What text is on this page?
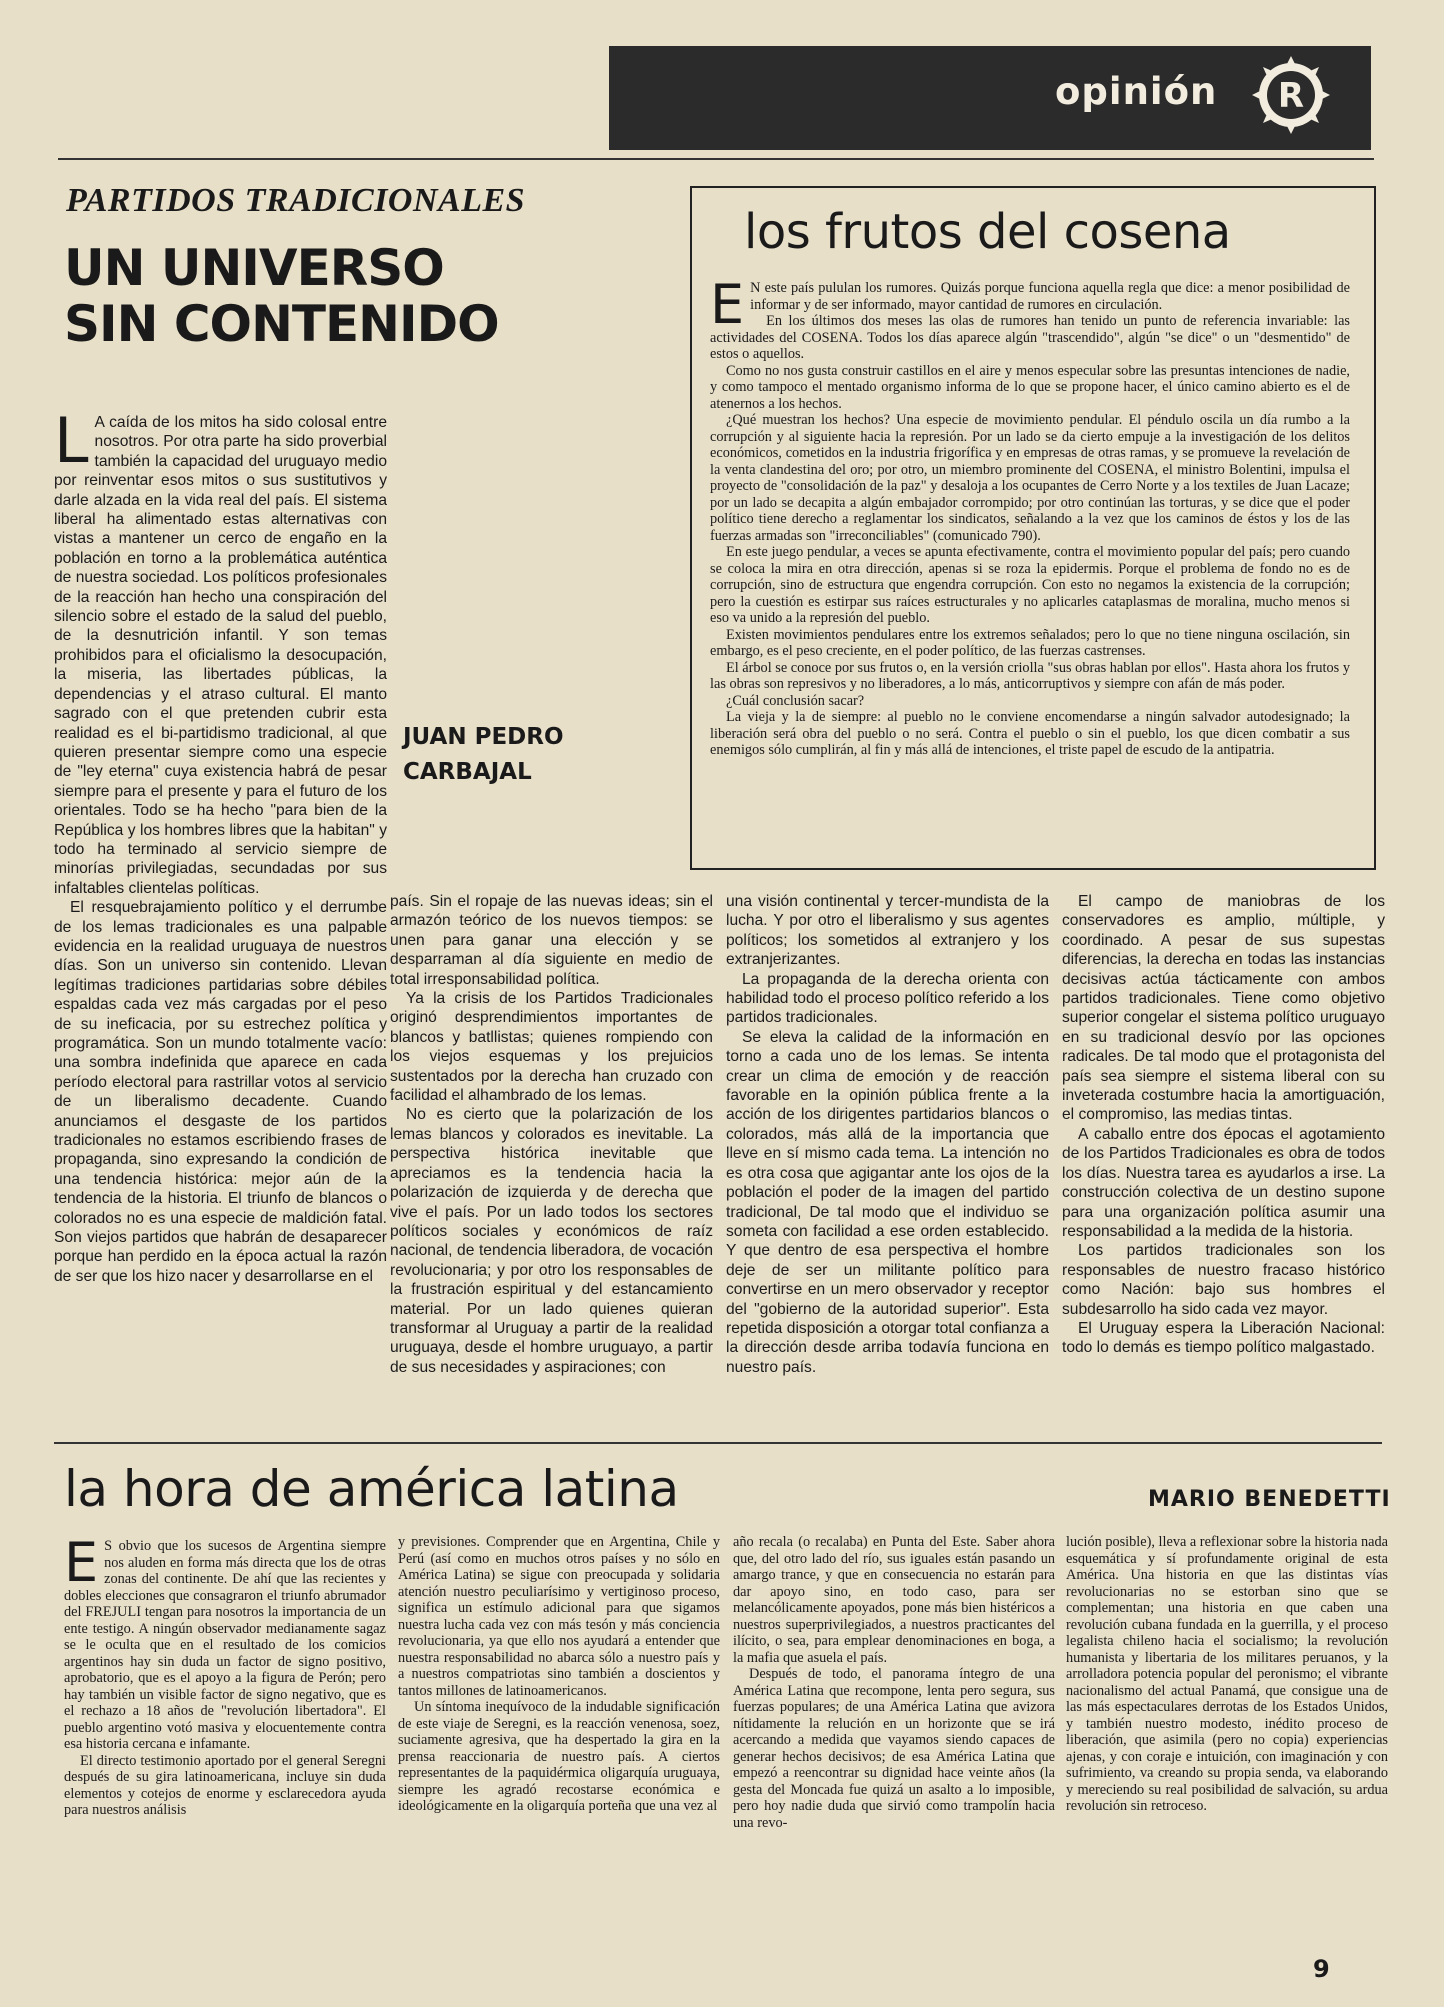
opinión R
PARTIDOS TRADICIONALES
UN UNIVERSO
SIN CONTENIDO
JUAN PEDRO
CARBAJAL
L A caída de los mitos ha sido colosal entre nosotros. Por otra parte ha sido proverbial también la capacidad del uruguayo medio por reinventar esos mitos o sus sustitutivos y darle alzada en la vida real del país. El sistema liberal ha alimentado estas alternativas con vistas a mantener un cerco de engaño en la población en torno a la problemática auténtica de nuestra sociedad. Los políticos profesionales de la reacción han hecho una conspiración del silencio sobre el estado de la salud del pueblo, de la desnutrición infantil. Y son temas prohibidos para el oficialismo la desocupación, la miseria, las libertades públicas, la dependencias y el atraso cultural. El manto sagrado con el que pretenden cubrir esta realidad es el bi-partidismo tradicional, al que quieren presentar siempre como una especie de "ley eterna" cuya existencia habrá de pesar siempre para el presente y para el futuro de los orientales. Todo se ha hecho "para bien de la República y los hombres libres que la habitan" y todo ha terminado al servicio siempre de minorías privilegiadas, secundadas por sus infaltables clientelas políticas.

El resquebrajamiento político y el derrumbe de los lemas tradicionales es una palpable evidencia en la realidad uruguaya de nuestros días. Son un universo sin contenido. Llevan legítimas tradiciones partidarias sobre débiles espaldas cada vez más cargadas por el peso de su ineficacia, por su estrechez política y programática. Son un mundo totalmente vacío: una sombra indefinida que aparece en cada período electoral para rastrillar votos al servicio de un liberalismo decadente. Cuando anunciamos el desgaste de los partidos tradicionales no estamos escribiendo frases de propaganda, sino expresando la condición de una tendencia histórica: mejor aún de la tendencia de la historia. El triunfo de blancos o colorados no es una especie de maldición fatal. Son viejos partidos que habrán de desaparecer porque han perdido en la época actual la razón de ser que los hizo nacer y desarrollarse en el

país. Sin el ropaje de las nuevas ideas; sin el armazón teórico de los nuevos tiempos: se unen para ganar una elección y se desparraman al día siguiente en medio de total irresponsabilidad política.

Ya la crisis de los Partidos Tradicionales originó desprendimientos importantes de blancos y batllistas; quienes rompiendo con los viejos esquemas y los prejuicios sustentados por la derecha han cruzado con facilidad el alhambrado de los lemas.

No es cierto que la polarización de los lemas blancos y colorados es inevitable. La perspectiva histórica inevitable que apreciamos es la tendencia hacia la polarización de izquierda y de derecha que vive el país. Por un lado todos los sectores políticos sociales y económicos de raíz nacional, de tendencia liberadora, de vocación revolucionaria; y por otro los responsables de la frustración espiritual y del estancamiento material. Por un lado quienes quieran transformar al Uruguay a partir de la realidad uruguaya, desde el hombre uruguayo, a partir de sus necesidades y aspiraciones; con

una visión continental y tercer-mundista de la lucha. Y por otro el liberalismo y sus agentes políticos; los sometidos al extranjero y los extranjerizantes.

La propaganda de la derecha orienta con habilidad todo el proceso político referido a los partidos tradicionales.

Se eleva la calidad de la información en torno a cada uno de los lemas. Se intenta crear un clima de emoción y de reacción favorable en la opinión pública frente a la acción de los dirigentes partidarios blancos o colorados, más allá de la importancia que lleve en sí mismo cada tema. La intención no es otra cosa que agigantar ante los ojos de la población el poder de la imagen del partido tradicional, De tal modo que el individuo se someta con facilidad a ese orden establecido. Y que dentro de esa perspectiva el hombre deje de ser un militante político para convertirse en un mero observador y receptor del "gobierno de la autoridad superior". Esta repetida disposición a otorgar total confianza a la dirección desde arriba todavía funciona en nuestro país.

El campo de maniobras de los conservadores es amplio, múltiple, y coordinado. A pesar de sus supestas diferencias, la derecha en todas las instancias decisivas actúa tácticamente con ambos partidos tradicionales. Tiene como objetivo superior congelar el sistema político uruguayo en su tradicional desvío por las opciones radicales. De tal modo que el protagonista del país sea siempre el sistema liberal con su inveterada costumbre hacia la amortiguación, el compromiso, las medias tintas.

A caballo entre dos épocas el agotamiento de los Partidos Tradicionales es obra de todos los días. Nuestra tarea es ayudarlos a irse. La construcción colectiva de un destino supone para una organización política asumir una responsabilidad a la medida de la historia.

Los partidos tradicionales son los responsables de nuestro fracaso histórico como Nación: bajo sus hombres el subdesarrollo ha sido cada vez mayor.

El Uruguay espera la Liberación Nacional: todo lo demás es tiempo político malgastado.

los frutos del cosena
E N este país pululan los rumores. Quizás porque funciona aquella regla que dice: a menor posibilidad de informar y de ser informado, mayor cantidad de rumores en circulación.

En los últimos dos meses las olas de rumores han tenido un punto de referencia invariable: las actividades del COSENA. Todos los días aparece algún "trascendido", algún "se dice" o un "desmentido" de estos o aquellos.

Como no nos gusta construir castillos en el aire y menos especular sobre las presuntas intenciones de nadie, y como tampoco el mentado organismo informa de lo que se propone hacer, el único camino abierto es el de atenernos a los hechos.

¿Qué muestran los hechos? Una especie de movimiento pendular. El péndulo oscila un día rumbo a la corrupción y al siguiente hacia la represión. Por un lado se da cierto empuje a la investigación de los delitos económicos, cometidos en la industria frigorífica y en empresas de otras ramas, y se promueve la revelación de la venta clandestina del oro; por otro, un miembro prominente del COSENA, el ministro Bolentini, impulsa el proyecto de "consolidación de la paz" y desaloja a los ocupantes de Cerro Norte y a los textiles de Juan Lacaze; por un lado se decapita a algún embajador corrompido; por otro continúan las torturas, y se dice que el poder político tiene derecho a reglamentar los sindicatos, señalando a la vez que los caminos de éstos y los de las fuerzas armadas son "irreconciliables" (comunicado 790).

En este juego pendular, a veces se apunta efectivamente, contra el movimiento popular del país; pero cuando se coloca la mira en otra dirección, apenas si se roza la epidermis. Porque el problema de fondo no es de corrupción, sino de estructura que engendra corrupción. Con esto no negamos la existencia de la corrupción; pero la cuestión es estirpar sus raíces estructurales y no aplicarles cataplasmas de moralina, mucho menos si eso va unido a la represión del pueblo.

Existen movimientos pendulares entre los extremos señalados; pero lo que no tiene ninguna oscilación, sin embargo, es el peso creciente, en el poder político, de las fuerzas castrenses.

El árbol se conoce por sus frutos o, en la versión criolla "sus obras hablan por ellos". Hasta ahora los frutos y las obras son represivos y no liberadores, a lo más, anticorruptivos y siempre con afán de más poder.

¿Cuál conclusión sacar?

La vieja y la de siempre: al pueblo no le conviene encomendarse a ningún salvador autodesignado; la liberación será obra del pueblo o no será. Contra el pueblo o sin el pueblo, los que dicen combatir a sus enemigos sólo cumplirán, al fin y más allá de intenciones, el triste papel de escudo de la antipatria.

la hora de américa latina	MARIO BENEDETTI
E S obvio que los sucesos de Argentina siempre nos aluden en forma más directa que los de otras zonas del continente. De ahí que las recientes y dobles elecciones que consagraron el triunfo abrumador del FREJULI tengan para nosotros la importancia de un ente testigo. A ningún observador medianamente sagaz se le oculta que en el resultado de los comicios argentinos hay sin duda un factor de signo positivo, aprobatorio, que es el apoyo a la figura de Perón; pero hay también un visible factor de signo negativo, que es el rechazo a 18 años de "revolución libertadora". El pueblo argentino votó masiva y elocuentemente contra esa historia cercana e infamante.

El directo testimonio aportado por el general Seregni después de su gira latinoamericana, incluye sin duda elementos y cotejos de enorme y esclarecedora ayuda para nuestros análisis

y previsiones. Comprender que en Argentina, Chile y Perú (así como en muchos otros países y no sólo en América Latina) se sigue con preocupada y solidaria atención nuestro peculiarísimo y vertiginoso proceso, significa un estímulo adicional para que sigamos nuestra lucha cada vez con más tesón y más conciencia revolucionaria, ya que ello nos ayudará a entender que nuestra responsabilidad no abarca sólo a nuestro país y a nuestros compatriotas sino también a doscientos y tantos millones de latinoamericanos.

Un síntoma inequívoco de la indudable significación de este viaje de Seregni, es la reacción venenosa, soez, suciamente agresiva, que ha despertado la gira en la prensa reaccionaria de nuestro país. A ciertos representantes de la paquidérmica oligarquía uruguaya, siempre les agradó recostarse económica e ideológicamente en la oligarquía porteña que una vez al

año recala (o recalaba) en Punta del Este. Saber ahora que, del otro lado del río, sus iguales están pasando un amargo trance, y que en consecuencia no estarán para dar apoyo sino, en todo caso, para ser melancólicamente apoyados, pone más bien histéricos a nuestros superprivilegiados, a nuestros practicantes del ilícito, o sea, para emplear denominaciones en boga, a la mafia que asuela el país.

Después de todo, el panorama íntegro de una América Latina que recompone, lenta pero segura, sus fuerzas populares; de una América Latina que avizora nítidamente la relución en un horizonte que se irá acercando a medida que vayamos siendo capaces de generar hechos decisivos; de esa América Latina que empezó a reencontrar su dignidad hace veinte años (la gesta del Moncada fue quizá un asalto a lo imposible, pero hoy nadie duda que sirvió como trampolín hacia una revo-

lución posible), lleva a reflexionar sobre la historia nada esquemática y sí profundamente original de esta América. Una historia en que las distintas vías revolucionarias no se estorban sino que se complementan; una historia en que caben una revolución cubana fundada en la guerrilla, y el proceso legalista chileno hacia el socialismo; la revolución humanista y libertaria de los militares peruanos, y la arrolladora potencia popular del peronismo; el vibrante nacionalismo del actual Panamá, que consigue una de las más espectaculares derrotas de los Estados Unidos, y también nuestro modesto, inédito proceso de liberación, que asimila (pero no copia) experiencias ajenas, y con coraje e intuición, con imaginación y con sufrimiento, va creando su propia senda, va elaborando y mereciendo su real posibilidad de salvación, su ardua revolución sin retroceso.

9
